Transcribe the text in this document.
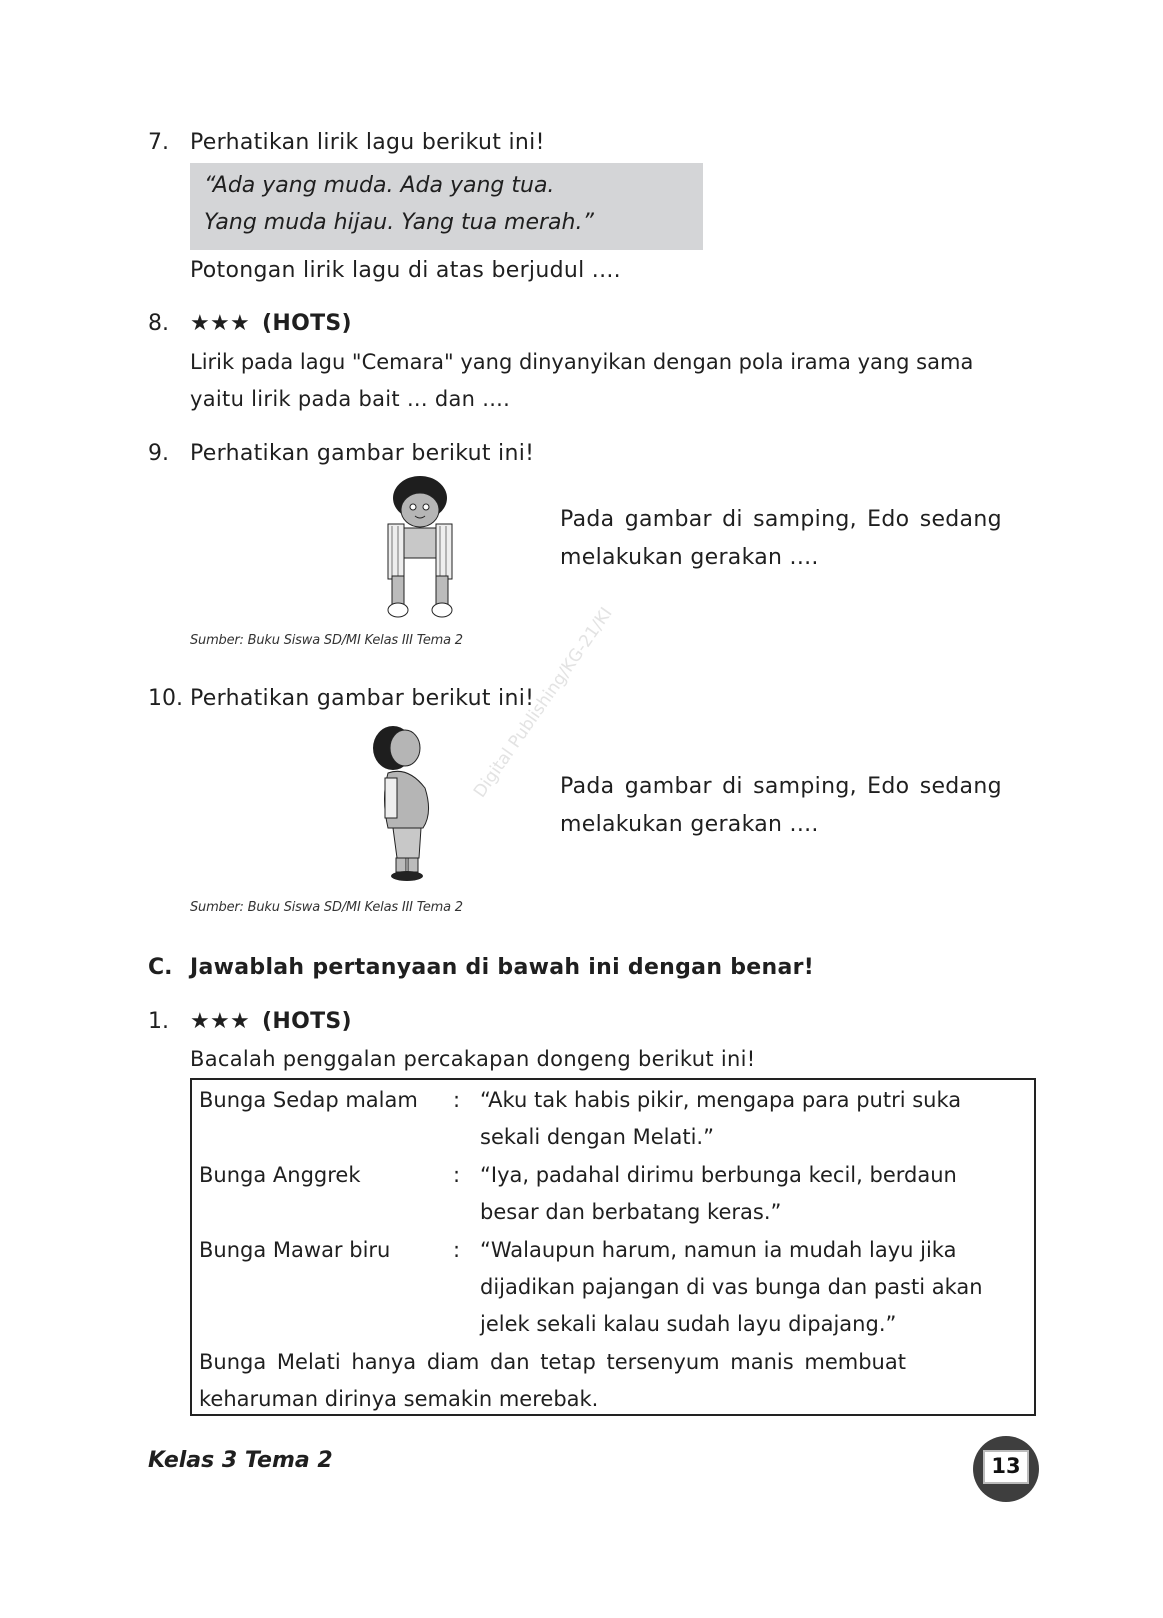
Digital Publishing/KG-21/KI
7. Perhatikan lirik lagu berikut ini!
“Ada yang muda. Ada yang tua.
Yang muda hijau. Yang tua merah.”
Potongan lirik lagu di atas berjudul ....
8. ★★★ (HOTS)
Lirik pada lagu "Cemara" yang dinyanyikan dengan pola irama yang sama
yaitu lirik pada bait ... dan ....
9. Perhatikan gambar berikut ini!
Pada gambar di samping, Edo sedang
melakukan gerakan ....
Sumber: Buku Siswa SD/MI Kelas III Tema 2
10. Perhatikan gambar berikut ini!
Pada gambar di samping, Edo sedang
melakukan gerakan ....
Sumber: Buku Siswa SD/MI Kelas III Tema 2
C. Jawablah pertanyaan di bawah ini dengan benar!
1. ★★★ (HOTS)
Bacalah penggalan percakapan dongeng berikut ini!
Bunga Sedap malam : “Aku tak habis pikir, mengapa para putri suka
sekali dengan Melati.”
Bunga Anggrek	: “Iya, padahal dirimu berbunga kecil, berdaun
besar dan berbatang keras.”
Bunga Mawar biru	: “Walaupun harum, namun ia mudah layu jika
dijadikan pajangan di vas bunga dan pasti akan
jelek sekali kalau sudah layu dipajang.”
Bunga Melati hanya diam dan tetap tersenyum manis membuat
keharuman dirinya semakin merebak.
Kelas 3 Tema 2	13
